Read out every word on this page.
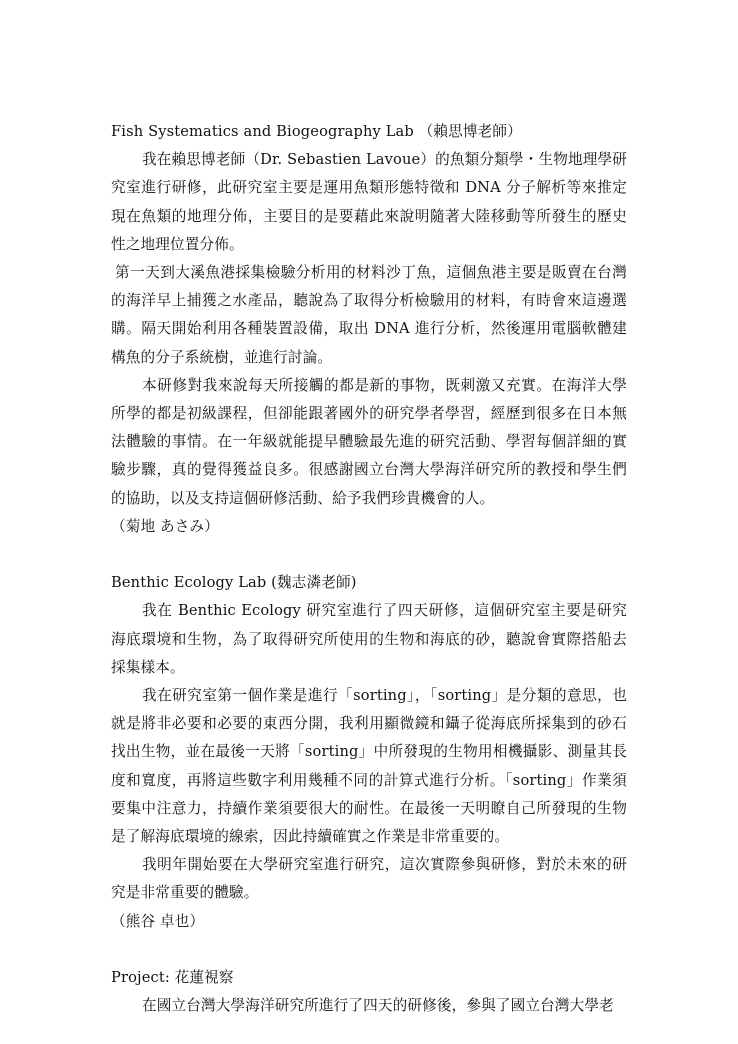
Fish Systematics and Biogeography Lab （賴思博老師）

我在賴思博老師（Dr. Sebastien Lavoue）的魚類分類學・生物地理學研究室進行研修，此研究室主要是運用魚類形態特徵和 DNA 分子解析等來推定現在魚類的地理分佈，主要目的是要藉此來說明隨著大陸移動等所發生的歷史性之地理位置分佈。

第一天到大溪魚港採集檢驗分析用的材料沙丁魚，這個魚港主要是販賣在台灣的海洋早上捕獲之水產品，聽說為了取得分析檢驗用的材料，有時會來這邊選購。隔天開始利用各種裝置設備，取出 DNA 進行分析，然後運用電腦軟體建構魚的分子系統樹，並進行討論。

本研修對我來說每天所接觸的都是新的事物，既刺激又充實。在海洋大學所學的都是初級課程，但卻能跟著國外的研究學者學習，經歷到很多在日本無法體驗的事情。在一年級就能提早體驗最先進的研究活動、學習每個詳細的實驗步驟，真的覺得獲益良多。很感謝國立台灣大學海洋研究所的教授和學生們的協助，以及支持這個研修活動、給予我們珍貴機會的人。

（菊地 あさみ）

Benthic Ecology Lab (魏志潾老師)

我在 Benthic Ecology 研究室進行了四天研修，這個研究室主要是研究海底環境和生物，為了取得研究所使用的生物和海底的砂，聽說會實際搭船去採集樣本。

我在研究室第一個作業是進行「sorting」，「sorting」是分類的意思，也就是將非必要和必要的東西分開，我利用顯微鏡和鑷子從海底所採集到的砂石找出生物，並在最後一天將「sorting」中所發現的生物用相機攝影、測量其長度和寬度，再將這些數字利用幾種不同的計算式進行分析。「sorting」作業須要集中注意力，持續作業須要很大的耐性。在最後一天明瞭自己所發現的生物是了解海底環境的線索，因此持續確實之作業是非常重要的。

我明年開始要在大學研究室進行研究，這次實際參與研修，對於未來的研究是非常重要的體驗。

（熊谷 卓也）

Project: 花蓮視察

在國立台灣大學海洋研究所進行了四天的研修後，參與了國立台灣大學老
